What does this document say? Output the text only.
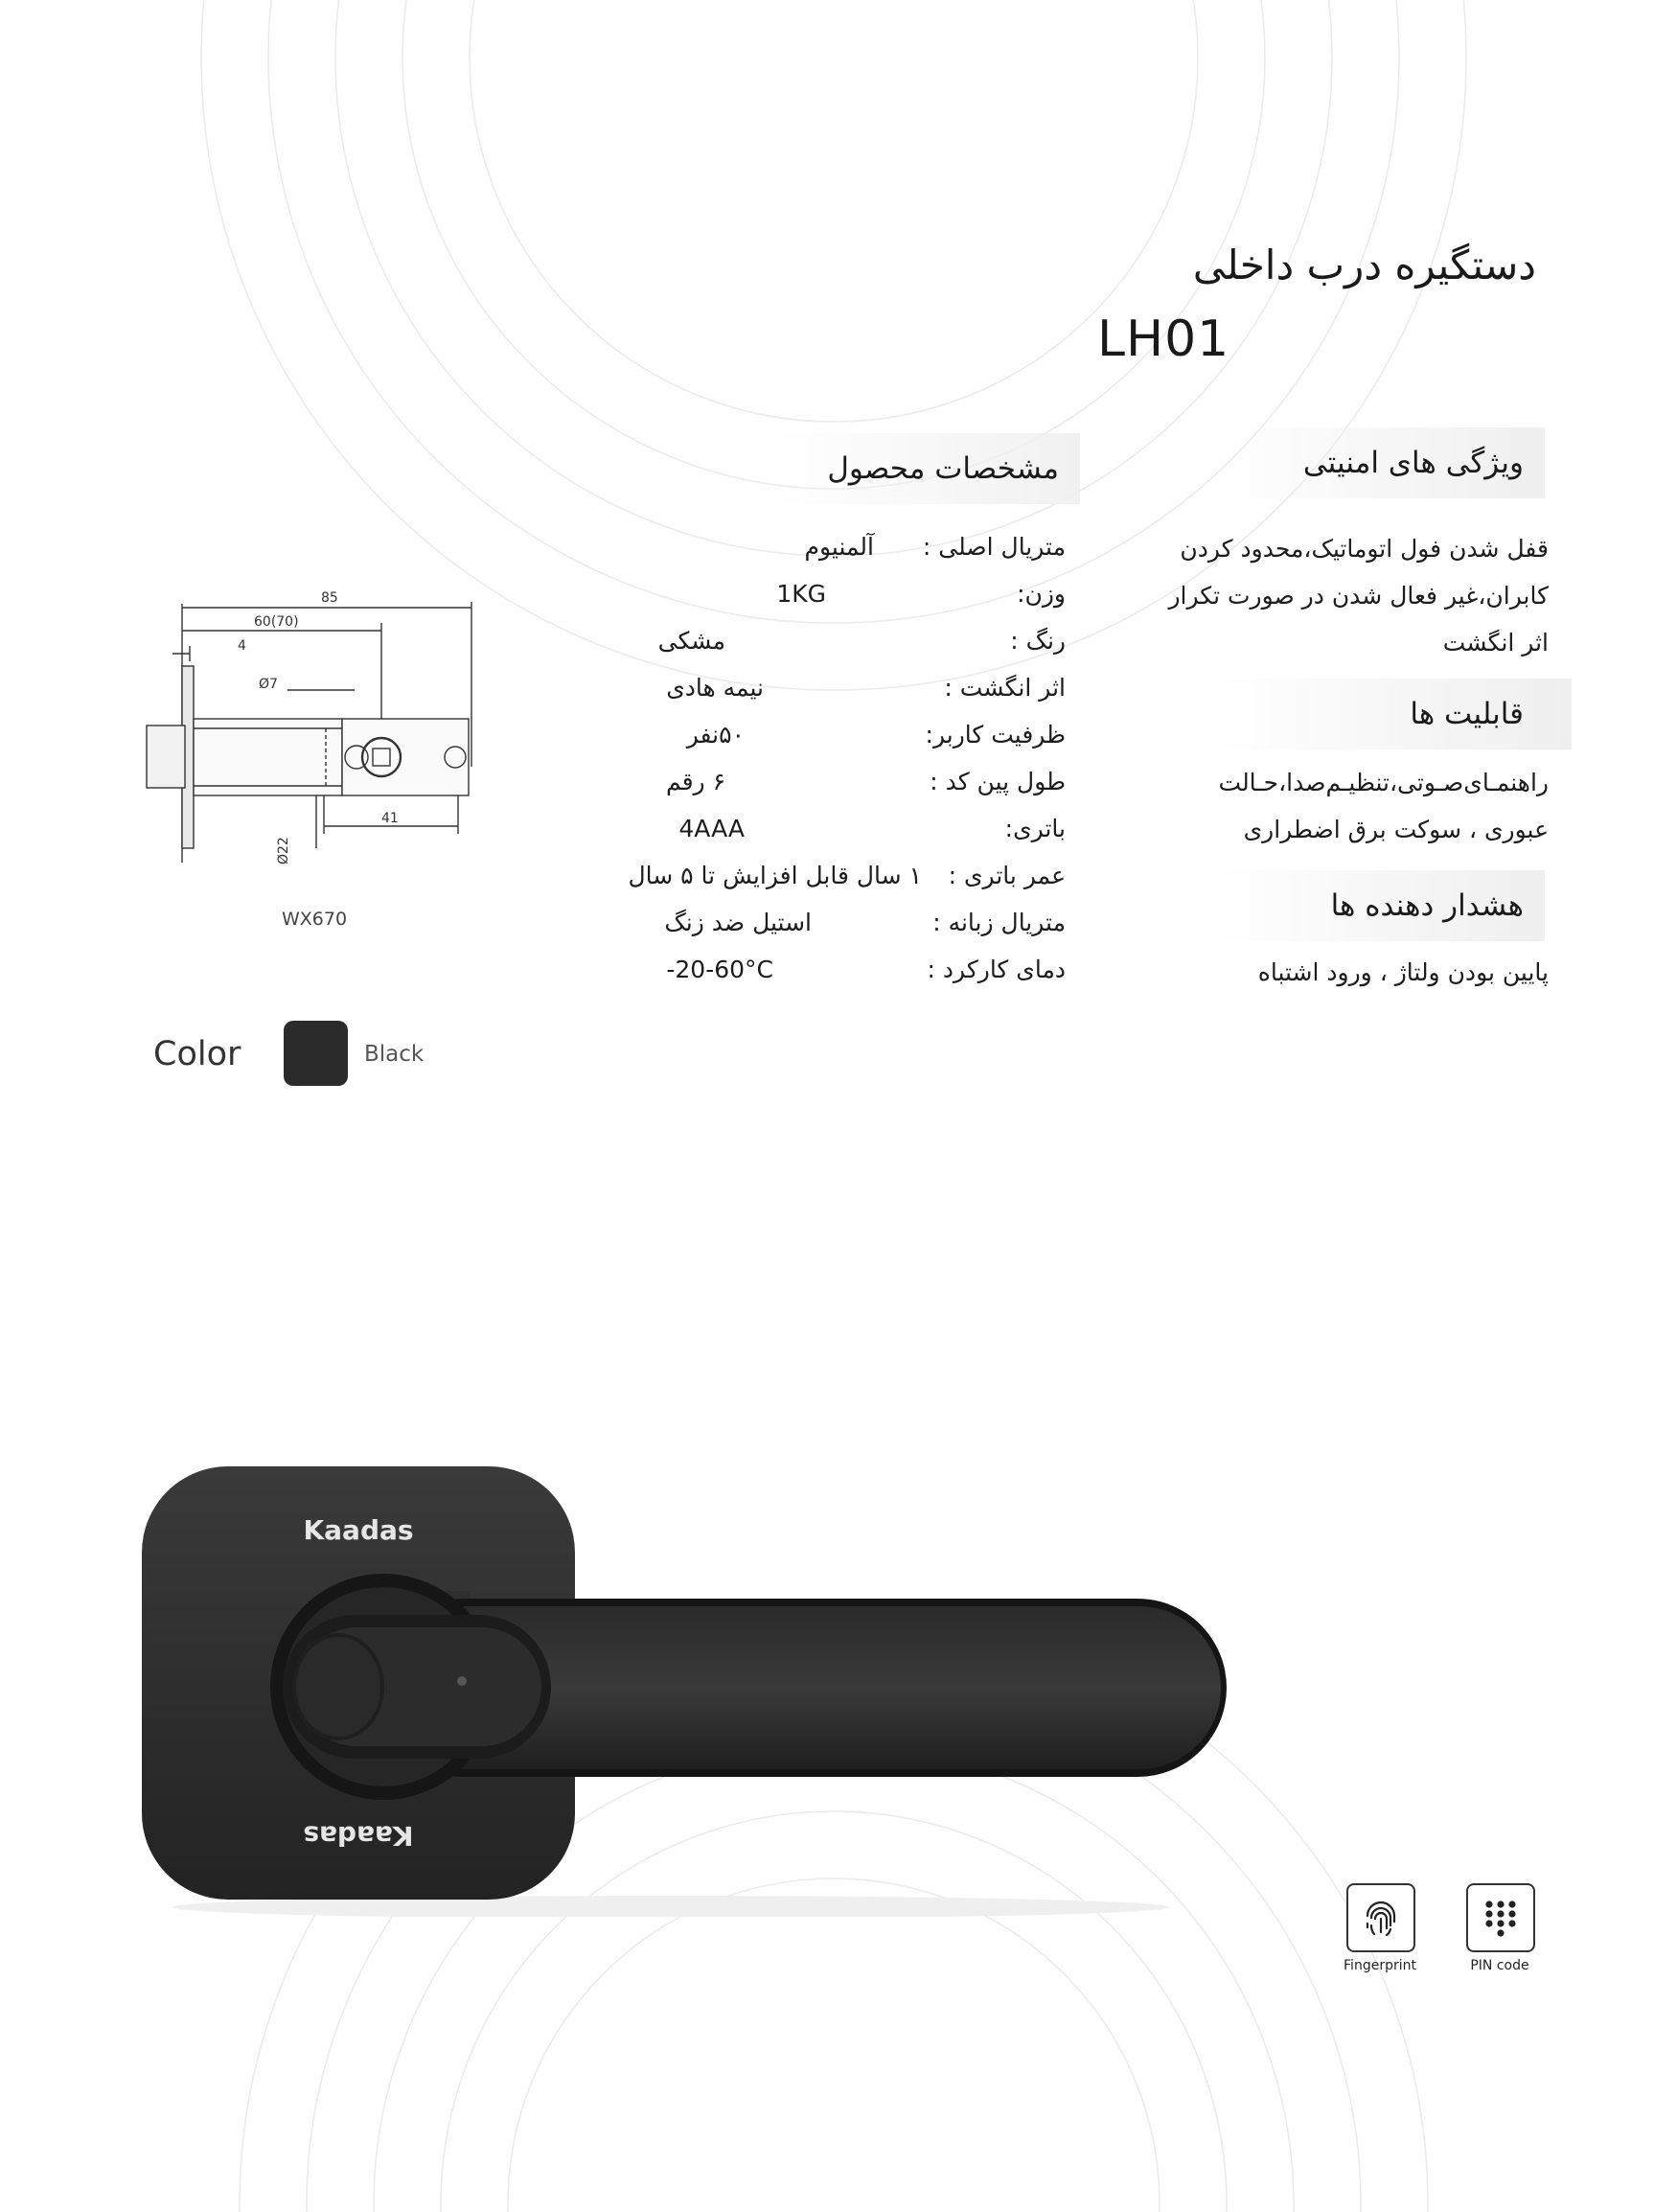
دستگیره درب داخلی
LH01
مشخصات محصول
متریال اصلی :
آلمنیوم
وزن:
1KG
رنگ :
مشکی
اثر انگشت :
نیمه هادی
ظرفیت کاربر:
۵۰نفر
طول پین کد :
۶ رقم
باتری:
4AAA
عمر باتری :
۱ سال قابل افزایش تا ۵ سال
متریال زبانه :
استیل ضد زنگ
دمای کارکرد :
-20-60°C
ویژگی های امنیتی
قفل شدن فول اتوماتیک،محدود کردن
کابران،غیر فعال شدن در صورت تکرار
اثر انگشت
قابلیت ها
راهنمـای‌صـوتی،تنظیـم‌صدا،حـالت
عبوری ، سوکت برق اضطراری
هشدار دهنده ها
پایین بودن ولتاژ ، ورود اشتباه
85
60(70)
4
Ø7
41
Ø22
WX670
Color	Black
Kaadas
Kaadas
Fingerprint	PIN code
